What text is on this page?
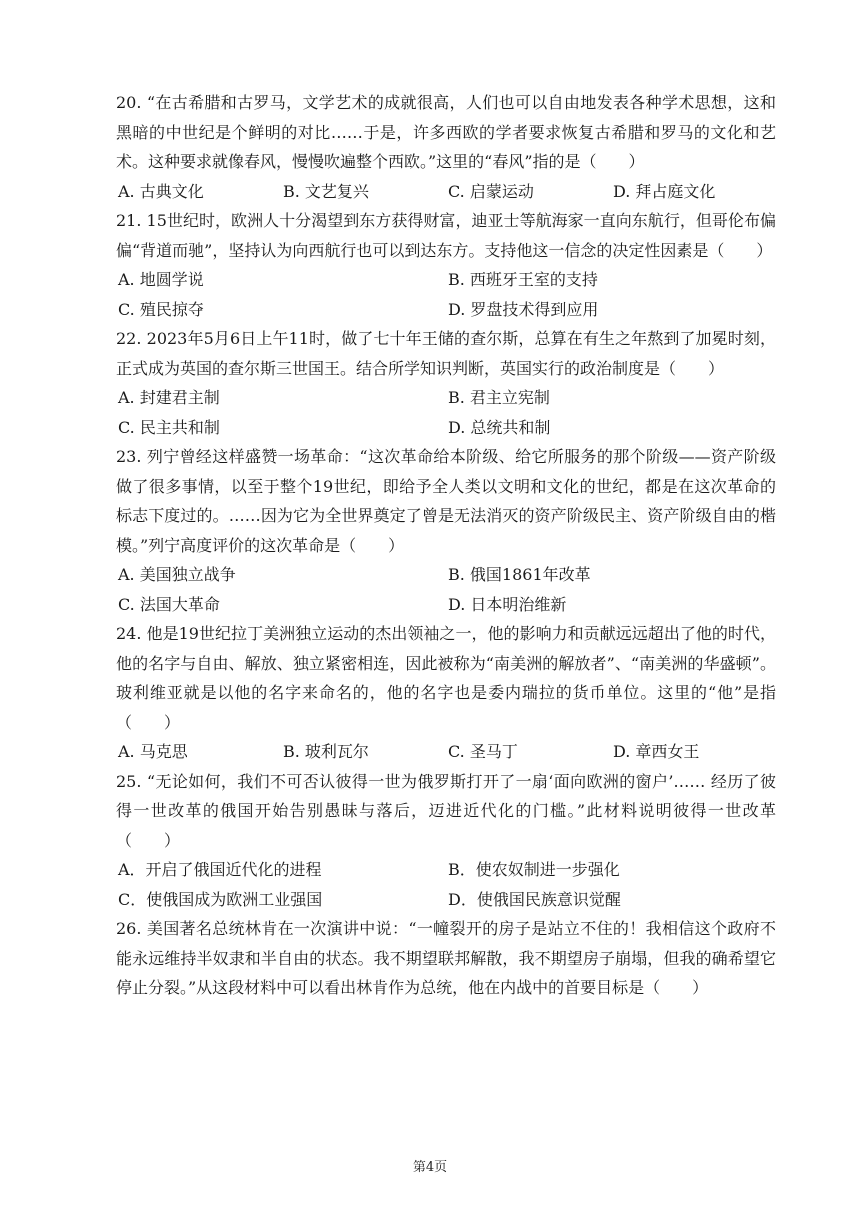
20. “在古希腊和古罗马，文学艺术的成就很高，人们也可以自由地发表各种学术思想，这和黑暗的中世纪是个鲜明的对比……于是，许多西欧的学者要求恢复古希腊和罗马的文化和艺术。这种要求就像春风，慢慢吹遍整个西欧。”这里的“春风”指的是（　　）

A. 古典文化	B. 文艺复兴	C. 启蒙运动	D. 拜占庭文化

21. 15世纪时，欧洲人十分渴望到东方获得财富，迪亚士等航海家一直向东航行，但哥伦布偏偏“背道而驰”，坚持认为向西航行也可以到达东方。支持他这一信念的决定性因素是（　　）

A. 地圆学说	B. 西班牙王室的支持
C. 殖民掠夺	D. 罗盘技术得到应用

22. 2023年5月6日上午11时，做了七十年王储的查尔斯，总算在有生之年熬到了加冕时刻，正式成为英国的查尔斯三世国王。结合所学知识判断，英国实行的政治制度是（　　）

A. 封建君主制	B. 君主立宪制
C. 民主共和制	D. 总统共和制

23. 列宁曾经这样盛赞一场革命：“这次革命给本阶级、给它所服务的那个阶级——资产阶级做了很多事情，以至于整个19世纪，即给予全人类以文明和文化的世纪，都是在这次革命的标志下度过的。……因为它为全世界奠定了曾是无法消灭的资产阶级民主、资产阶级自由的楷模。”列宁高度评价的这次革命是（　　）

A. 美国独立战争	B. 俄国1861年改革
C. 法国大革命	D. 日本明治维新

24. 他是19世纪拉丁美洲独立运动的杰出领袖之一，他的影响力和贡献远远超出了他的时代，他的名字与自由、解放、独立紧密相连，因此被称为“南美洲的解放者”、“南美洲的华盛顿”。玻利维亚就是以他的名字来命名的，他的名字也是委内瑞拉的货币单位。这里的“他”是指（　　）

A. 马克思	B. 玻利瓦尔	C. 圣马丁	D. 章西女王

25. “无论如何，我们不可否认彼得一世为俄罗斯打开了一扇‘面向欧洲的窗户’…… 经历了彼得一世改革的俄国开始告别愚昧与落后，迈进近代化的门槛。”此材料说明彼得一世改革（　　）

A．开启了俄国近代化的进程	B．使农奴制进一步强化
C．使俄国成为欧洲工业强国	D．使俄国民族意识觉醒

26. 美国著名总统林肯在一次演讲中说：“一幢裂开的房子是站立不住的！我相信这个政府不能永远维持半奴隶和半自由的状态。我不期望联邦解散，我不期望房子崩塌，但我的确希望它停止分裂。”从这段材料中可以看出林肯作为总统，他在内战中的首要目标是（　　）

第4页
